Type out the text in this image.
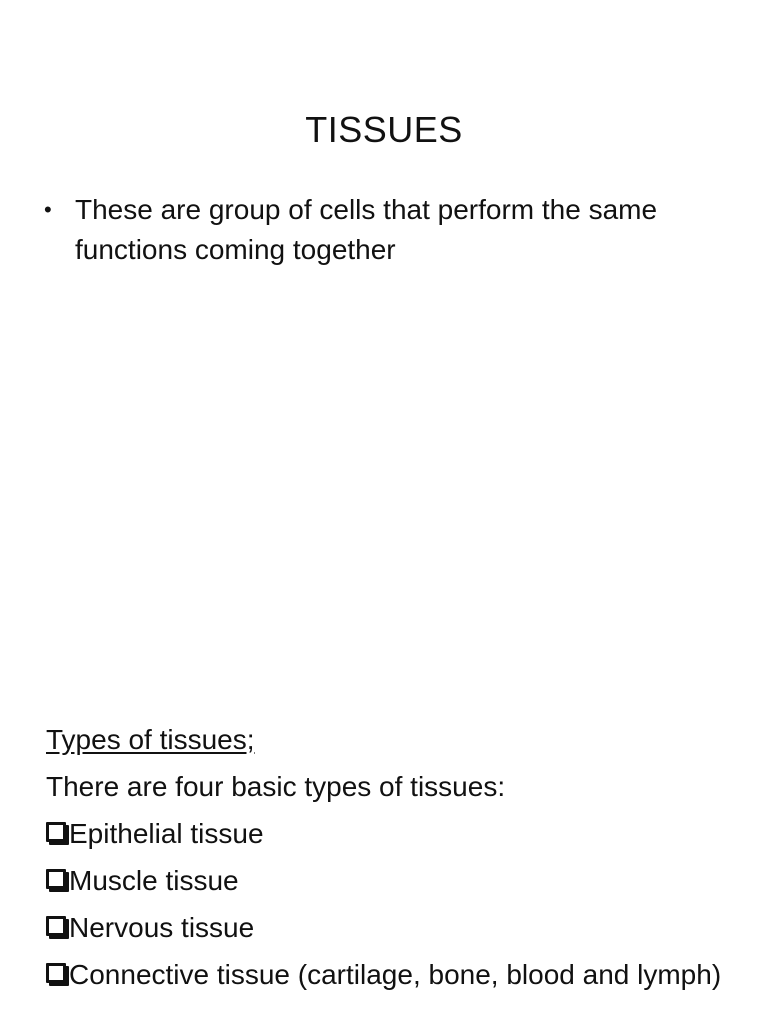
TISSUES
• These are group of cells that perform the same functions coming together
Types of tissues;
There are four basic types of tissues:
Epithelial tissue
Muscle tissue
Nervous tissue
Connective tissue (cartilage, bone, blood and lymph)
